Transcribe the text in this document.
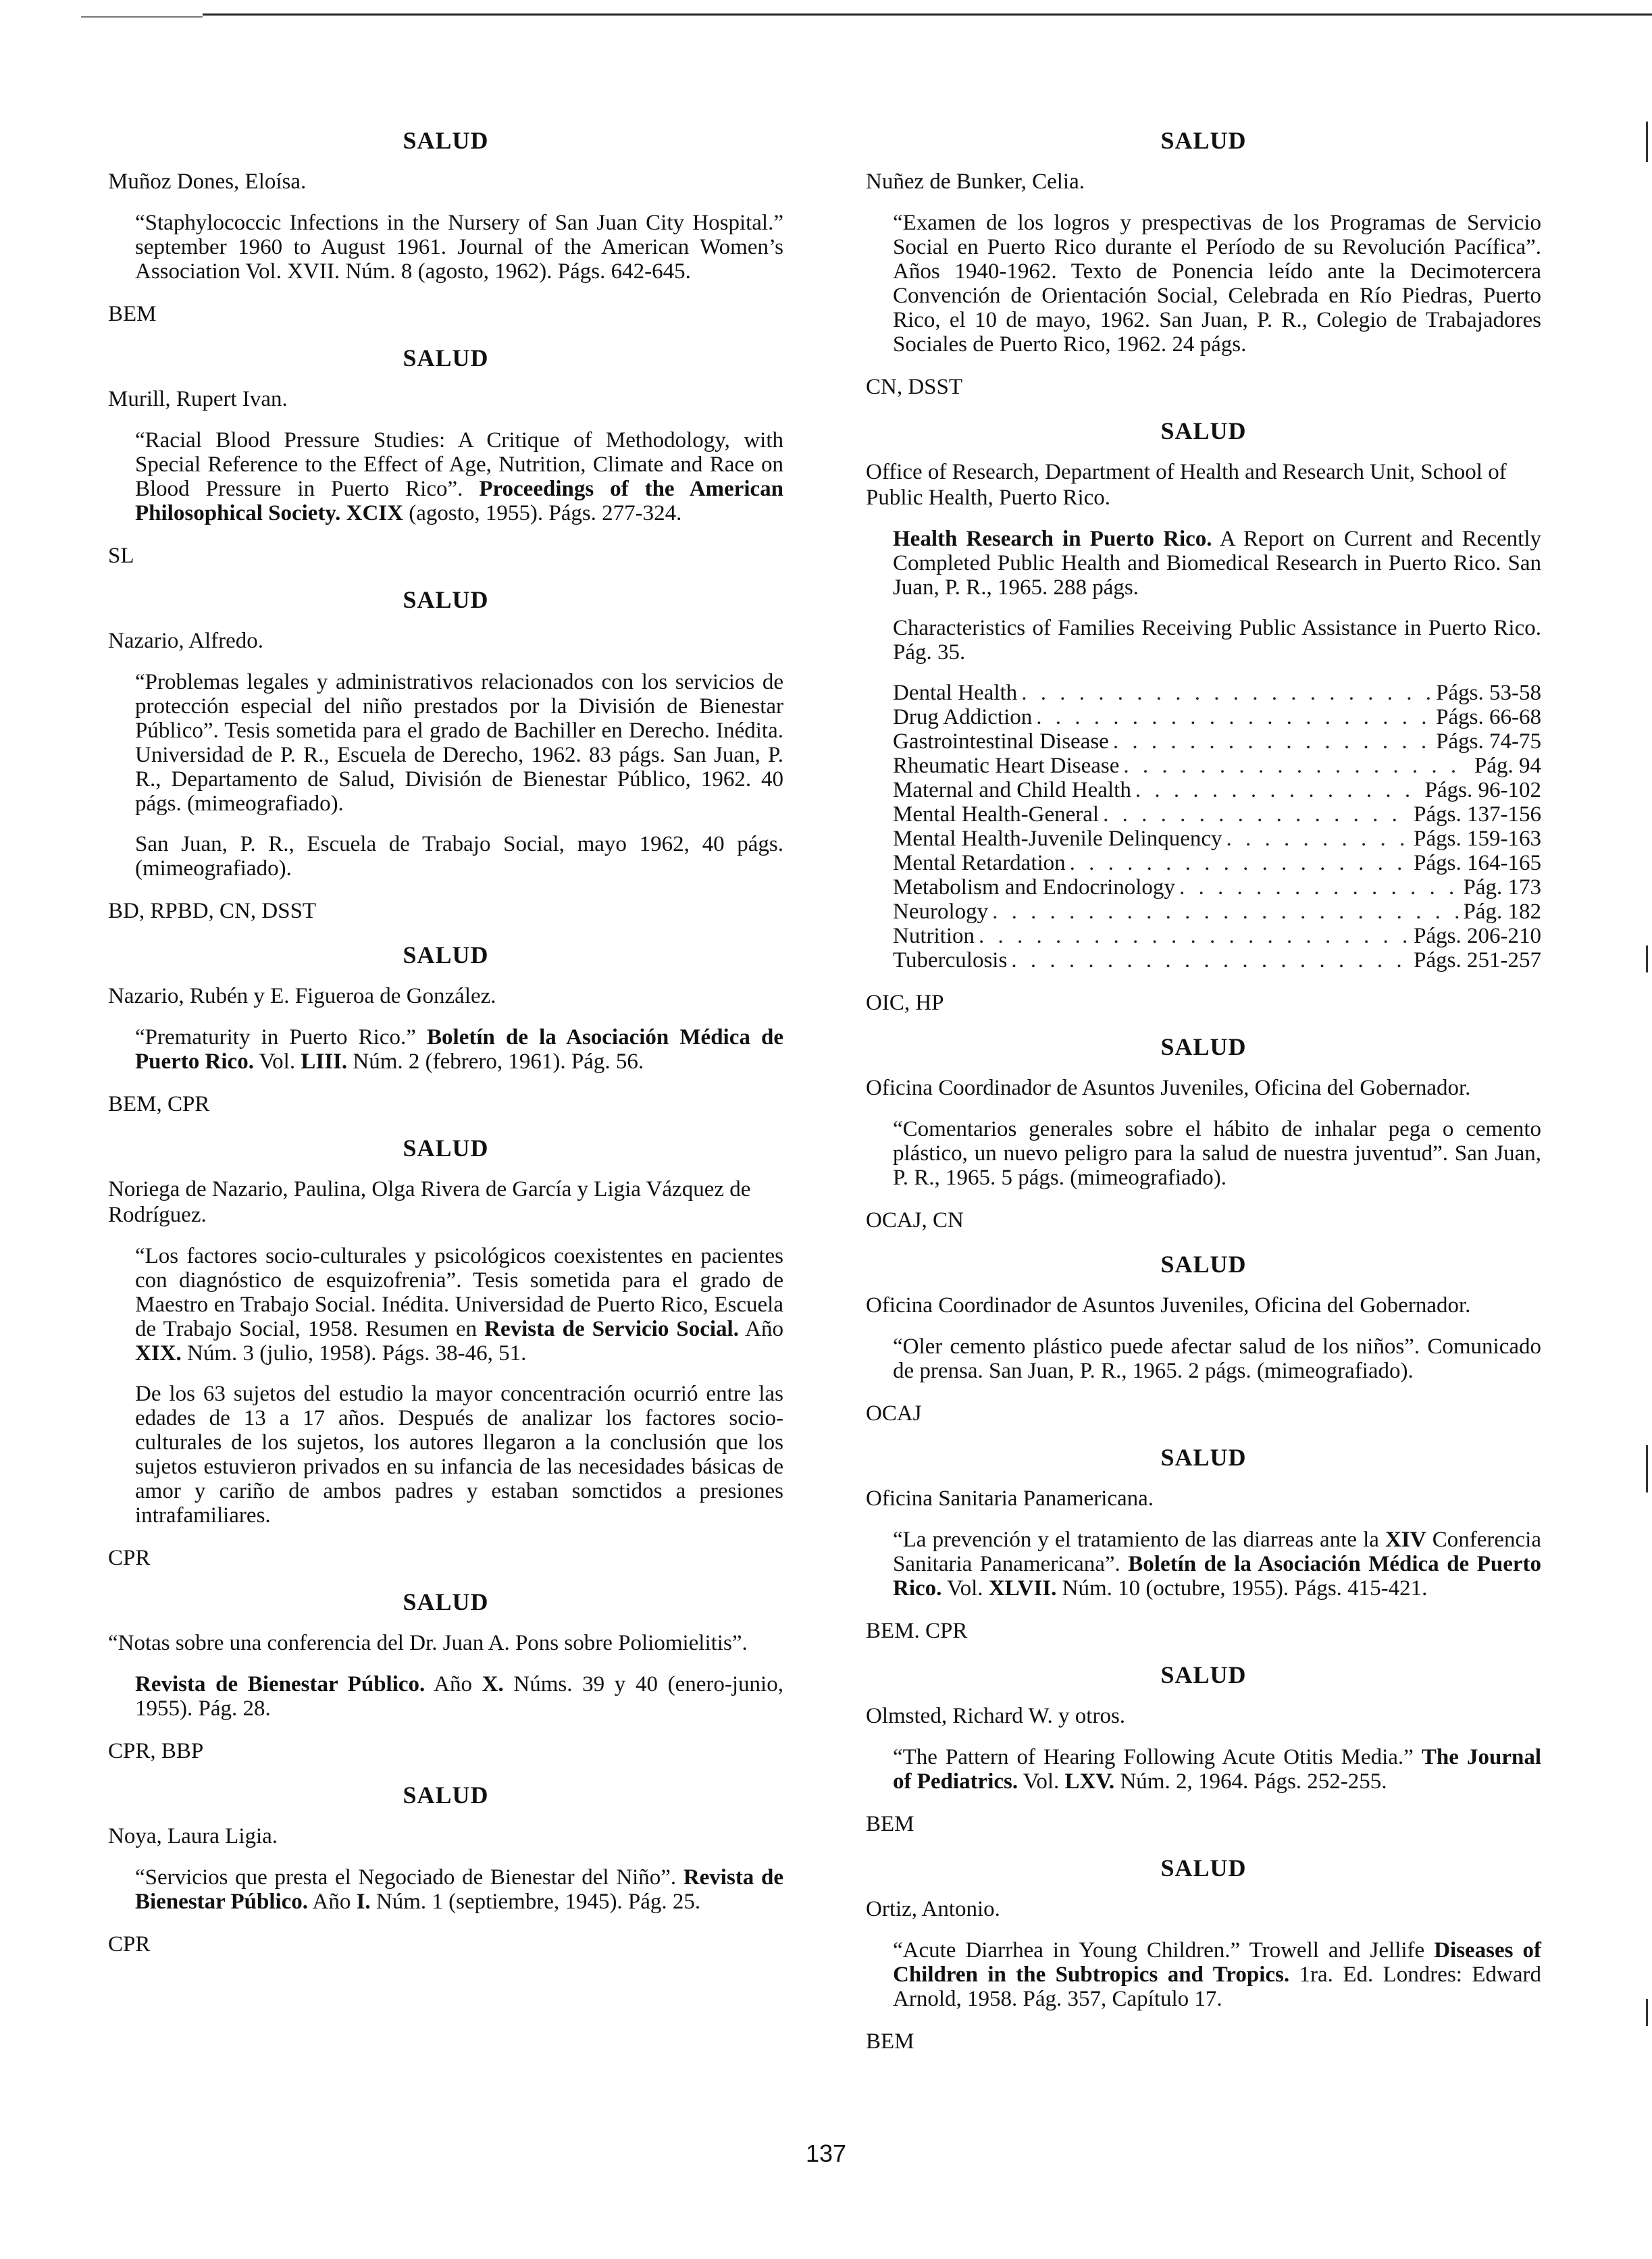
SALUD
Muñoz Dones, Eloísa.
“Staphylococcic Infections in the Nursery of San Juan City Hospital.” september 1960 to August 1961. Journal of the American Women’s Association Vol. XVII. Núm. 8 (agosto, 1962). Págs. 642-645.
BEM
SALUD
Murill, Rupert Ivan.
“Racial Blood Pressure Studies: A Critique of Methodology, with Special Reference to the Effect of Age, Nutrition, Climate and Race on Blood Pressure in Puerto Rico”. Proceedings of the American Philosophical Society. XCIX (agosto, 1955). Págs. 277-324.
SL
SALUD
Nazario, Alfredo.
“Problemas legales y administrativos relacionados con los servicios de protección especial del niño prestados por la División de Bienestar Público”. Tesis sometida para el grado de Bachiller en Derecho. Inédita. Universidad de P. R., Escuela de Derecho, 1962. 83 págs. San Juan, P. R., Departamento de Salud, División de Bienestar Público, 1962. 40 págs. (mimeografiado).
San Juan, P. R., Escuela de Trabajo Social, mayo 1962, 40 págs. (mimeografiado).
BD, RPBD, CN, DSST
SALUD
Nazario, Rubén y E. Figueroa de González.
“Prematurity in Puerto Rico.” Boletín de la Asociación Médica de Puerto Rico. Vol. LIII. Núm. 2 (febrero, 1961). Pág. 56.
BEM, CPR
SALUD
Noriega de Nazario, Paulina, Olga Rivera de García y Ligia Vázquez de Rodríguez.
“Los factores socio-culturales y psicológicos coexistentes en pacientes con diagnóstico de esquizofrenia”. Tesis sometida para el grado de Maestro en Trabajo Social. Inédita. Universidad de Puerto Rico, Escuela de Trabajo Social, 1958. Resumen en Revista de Servicio Social. Año XIX. Núm. 3 (julio, 1958). Págs. 38-46, 51.
De los 63 sujetos del estudio la mayor concentración ocurrió entre las edades de 13 a 17 años. Después de analizar los factores socio-culturales de los sujetos, los autores llegaron a la conclusión que los sujetos estuvieron privados en su infancia de las necesidades básicas de amor y cariño de ambos padres y estaban somctidos a presiones intrafamiliares.
CPR
SALUD
“Notas sobre una conferencia del Dr. Juan A. Pons sobre Poliomielitis”.
Revista de Bienestar Público. Año X. Núms. 39 y 40 (enero-junio, 1955). Pág. 28.
CPR, BBP
SALUD
Noya, Laura Ligia.
“Servicios que presta el Negociado de Bienestar del Niño”. Revista de Bienestar Público. Año I. Núm. 1 (septiembre, 1945). Pág. 25.
CPR
SALUD
Nuñez de Bunker, Celia.
“Examen de los logros y prespectivas de los Programas de Servicio Social en Puerto Rico durante el Período de su Revolución Pacífica”. Años 1940-1962. Texto de Ponencia leído ante la Decimotercera Convención de Orientación Social, Celebrada en Río Piedras, Puerto Rico, el 10 de mayo, 1962. San Juan, P. R., Colegio de Trabajadores Sociales de Puerto Rico, 1962. 24 págs.
CN, DSST
SALUD
Office of Research, Department of Health and Research Unit, School of Public Health, Puerto Rico.
Health Research in Puerto Rico. A Report on Current and Recently Completed Public Health and Biomedical Research in Puerto Rico. San Juan, P. R., 1965. 288 págs.
Characteristics of Families Receiving Public Assistance in Puerto Rico. Pág. 35.
Dental Health . . .	Págs. 53-58
Drug Addiction . . .	Págs. 66-68
Gastrointestinal Disease . . .	Págs. 74-75
Rheumatic Heart Disease . . .	Pág. 94
Maternal and Child Health . . .	Págs. 96-102
Mental Health-General . . .	Págs. 137-156
Mental Health-Juvenile Delinquency . . .	Págs. 159-163
Mental Retardation . . .	Págs. 164-165
Metabolism and Endocrinology . . .	Pág. 173
Neurology . . .	Pág. 182
Nutrition . . .	Págs. 206-210
Tuberculosis . . .	Págs. 251-257
OIC, HP
SALUD
Oficina Coordinador de Asuntos Juveniles, Oficina del Gobernador.
“Comentarios generales sobre el hábito de inhalar pega o cemento plástico, un nuevo peligro para la salud de nuestra juventud”. San Juan, P. R., 1965. 5 págs. (mimeografiado).
OCAJ, CN
SALUD
Oficina Coordinador de Asuntos Juveniles, Oficina del Gobernador.
“Oler cemento plástico puede afectar salud de los niños”. Comunicado de prensa. San Juan, P. R., 1965. 2 págs. (mimeografiado).
OCAJ
SALUD
Oficina Sanitaria Panamericana.
“La prevención y el tratamiento de las diarreas ante la XIV Conferencia Sanitaria Panamericana”. Boletín de la Asociación Médica de Puerto Rico. Vol. XLVII. Núm. 10 (octubre, 1955). Págs. 415-421.
BEM. CPR
SALUD
Olmsted, Richard W. y otros.
“The Pattern of Hearing Following Acute Otitis Media.” The Journal of Pediatrics. Vol. LXV. Núm. 2, 1964. Págs. 252-255.
BEM
SALUD
Ortiz, Antonio.
“Acute Diarrhea in Young Children.” Trowell and Jellife Diseases of Children in the Subtropics and Tropics. 1ra. Ed. Londres: Edward Arnold, 1958. Pág. 357, Capítulo 17.
BEM
137
